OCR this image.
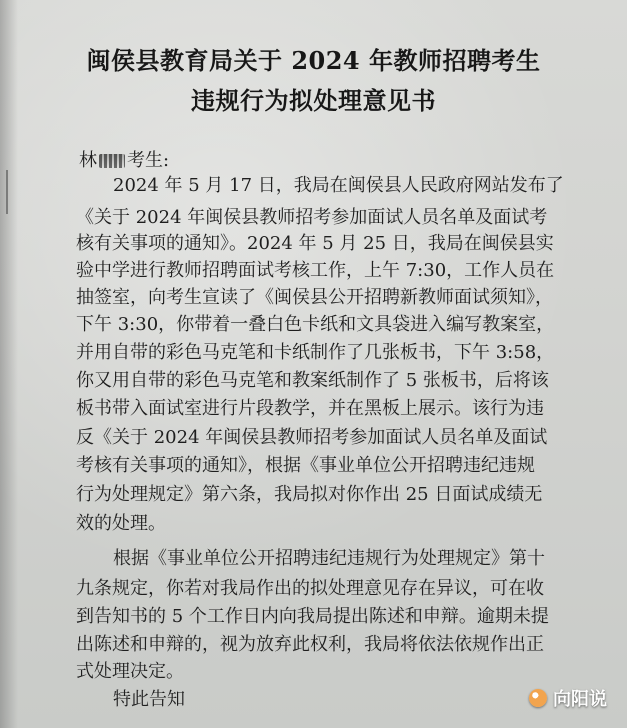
闽侯县教育局关于 2024 年教师招聘考生
违规行为拟处理意见书
林 考生:
2024 年 5 月 17 日，我局在闽侯县人民政府网站发布了
《关于 2024 年闽侯县教师招考参加面试人员名单及面试考
核有关事项的通知》。2024 年 5 月 25 日，我局在闽侯县实
验中学进行教师招聘面试考核工作，上午 7:30，工作人员在
抽签室，向考生宣读了《闽侯县公开招聘新教师面试须知》，
下午 3:30，你带着一叠白色卡纸和文具袋进入编写教案室，
并用自带的彩色马克笔和卡纸制作了几张板书，下午 3:58，
你又用自带的彩色马克笔和教案纸制作了 5 张板书，后将该
板书带入面试室进行片段教学，并在黑板上展示。该行为违
反《关于 2024 年闽侯县教师招考参加面试人员名单及面试
考核有关事项的通知》，根据《事业单位公开招聘违纪违规
行为处理规定》第六条，我局拟对你作出 25 日面试成绩无
效的处理。
根据《事业单位公开招聘违纪违规行为处理规定》第十
九条规定，你若对我局作出的拟处理意见存在异议，可在收
到告知书的 5 个工作日内向我局提出陈述和申辩。逾期未提
出陈述和申辩的，视为放弃此权利，我局将依法依规作出正
式处理决定。
特此告知	向阳说
